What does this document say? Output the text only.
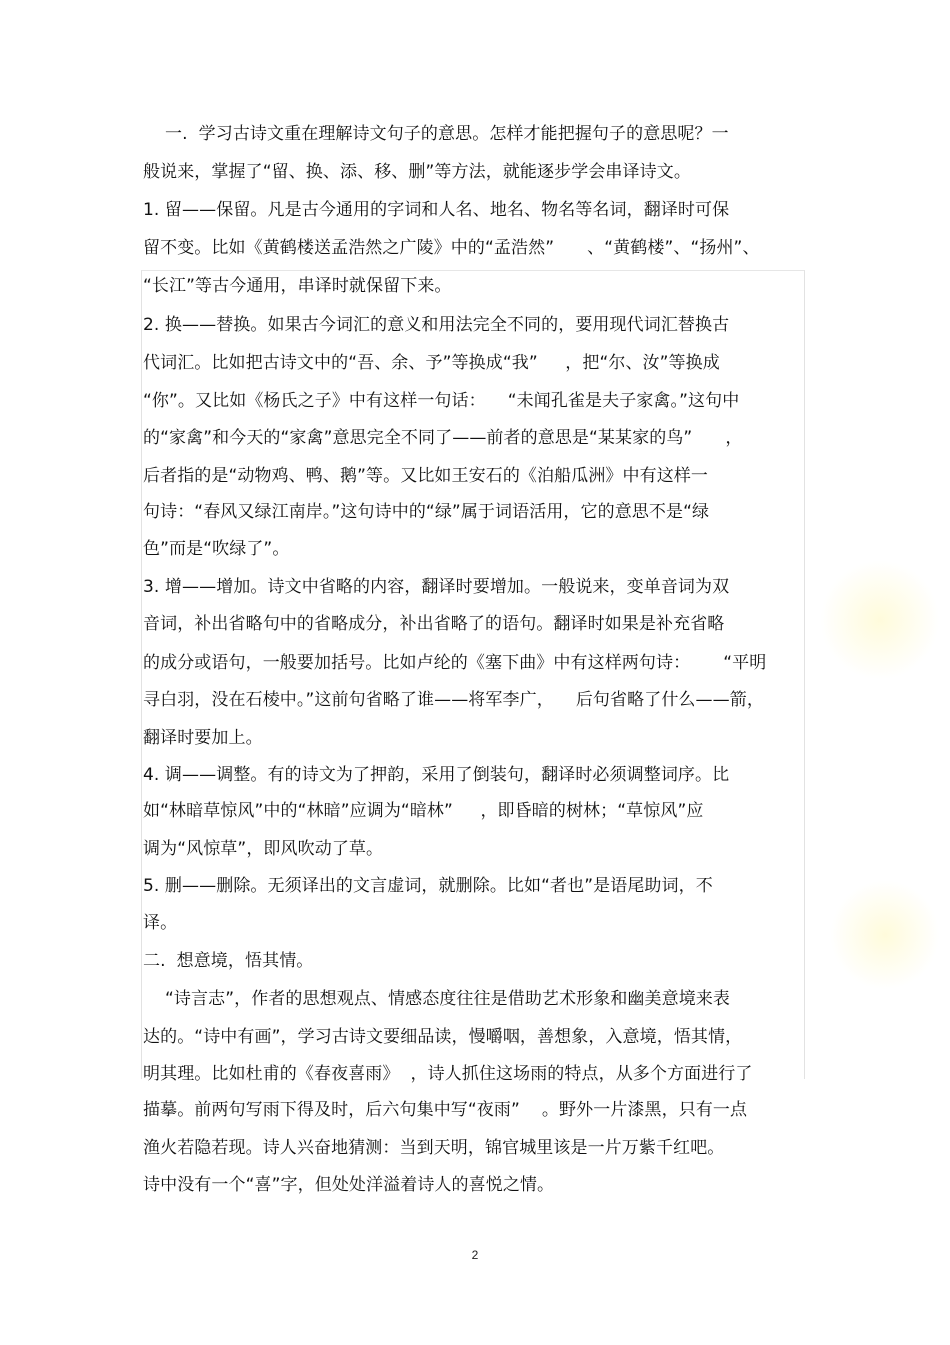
一.  学习古诗文重在理解诗文句子的意思。怎样才能把握句子的意思呢？一
般说来，掌握了“留、换、添、移、删”等方法，就能逐步学会串译诗文。
1. 留——保留。凡是古今通用的字词和人名、地名、物名等名词，翻译时可保
留不变。比如《黄鹤楼送孟浩然之广陵》中的“孟浩然”      、“黄鹤楼”、“扬州”、
“长江”等古今通用，串译时就保留下来。
2. 换——替换。如果古今词汇的意义和用法完全不同的，要用现代词汇替换古
代词汇。比如把古诗文中的“吾、余、予”等换成“我”     ，把“尔、汝”等换成
“你”。又比如《杨氏之子》中有这样一句话：    “未闻孔雀是夫子家禽。”这句中
的“家禽”和今天的“家禽”意思完全不同了——前者的意思是“某某家的鸟”      ，
后者指的是“动物鸡、鸭、鹅”等。又比如王安石的《泊船瓜洲》中有这样一
句诗：“春风又绿江南岸。”这句诗中的“绿”属于词语活用，它的意思不是“绿
色”而是“吹绿了”。
3. 增——增加。诗文中省略的内容，翻译时要增加。一般说来，变单音词为双
音词，补出省略句中的省略成分，补出省略了的语句。翻译时如果是补充省略
的成分或语句，一般要加括号。比如卢纶的《塞下曲》中有这样两句诗：      “平明
寻白羽，没在石棱中。”这前句省略了谁——将军李广，    后句省略了什么——箭，
翻译时要加上。
4. 调——调整。有的诗文为了押韵，采用了倒装句，翻译时必须调整词序。比
如“林暗草惊风”中的“林暗”应调为“暗林”     ，即昏暗的树林；“草惊风”应
调为“风惊草”，即风吹动了草。
5. 删——删除。无须译出的文言虚词，就删除。比如“者也”是语尾助词，不
译。
二.  想意境，悟其情。
“诗言志”，作者的思想观点、情感态度往往是借助艺术形象和幽美意境来表
达的。“诗中有画”，学习古诗文要细品读，慢嚼咽，善想象，入意境，悟其情，
明其理。比如杜甫的《春夜喜雨》  ，诗人抓住这场雨的特点，从多个方面进行了
描摹。前两句写雨下得及时，后六句集中写“夜雨”    。野外一片漆黑，只有一点
渔火若隐若现。诗人兴奋地猜测：当到天明，锦官城里该是一片万紫千红吧。
诗中没有一个“喜”字，但处处洋溢着诗人的喜悦之情。
2
